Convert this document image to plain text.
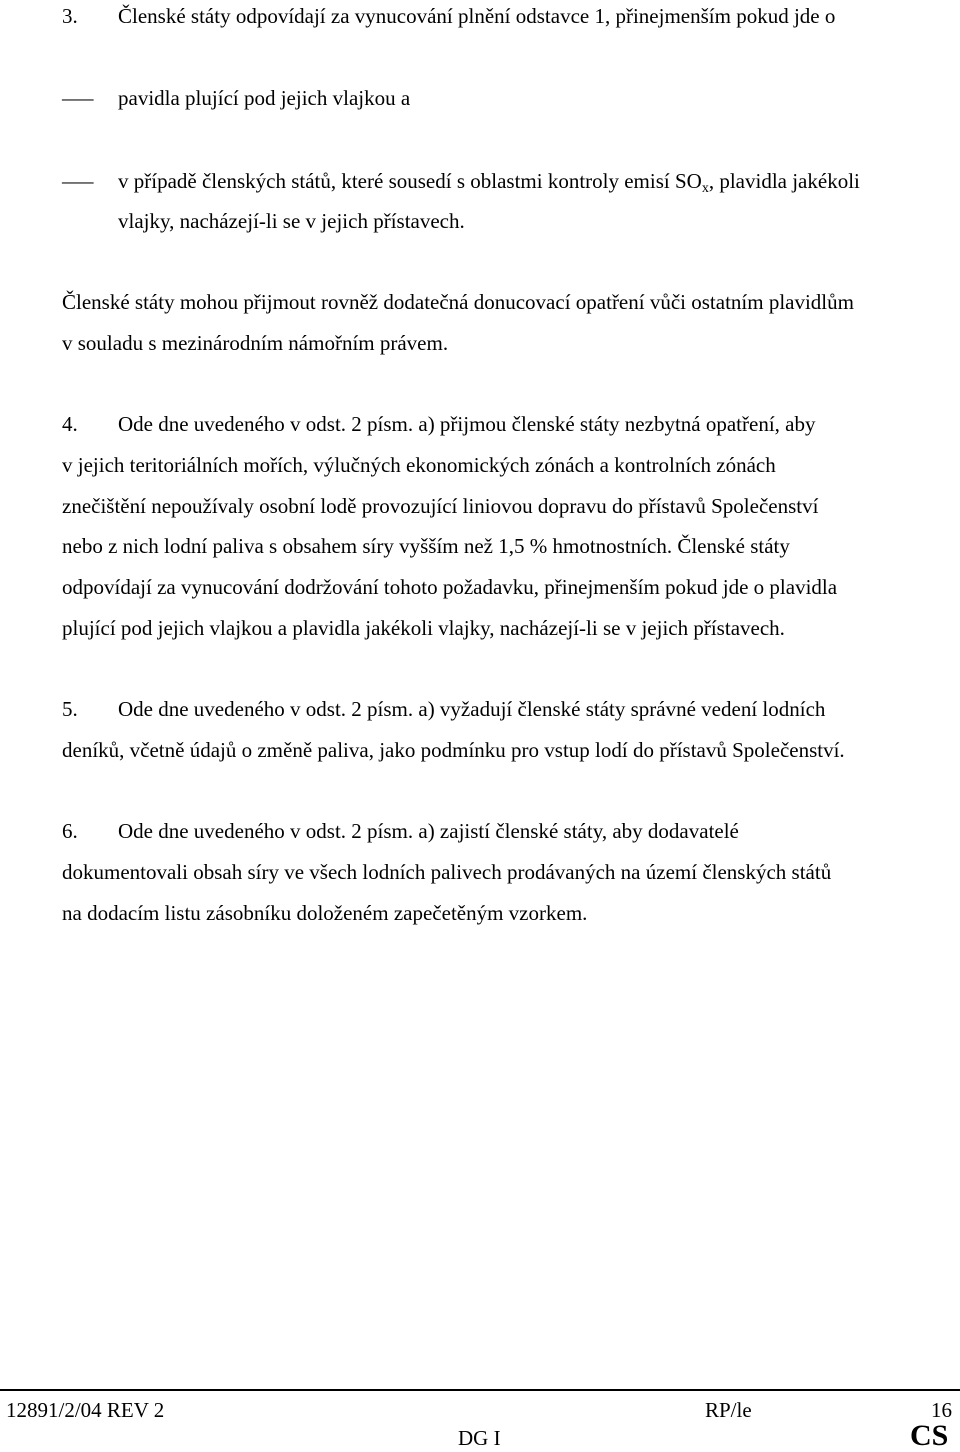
3. Členské státy odpovídají za vynucování plnění odstavce 1, přinejmenším pokud jde o
––– pavidla plující pod jejich vlajkou a
––– v případě členských států, které sousedí s oblastmi kontroly emisí $SO_x$, plavidla jakékoli
vlajky, nacházejí-li se v jejich přístavech.
Členské státy mohou přijmout rovněž dodatečná donucovací opatření vůči ostatním plavidlům
v souladu s mezinárodním námořním právem.
4. Ode dne uvedeného v odst. 2 písm. a) přijmou členské státy nezbytná opatření, aby
v jejich teritoriálních mořích, výlučných ekonomických zónách a kontrolních zónách
znečištění nepoužívaly osobní lodě provozující liniovou dopravu do přístavů Společenství
nebo z nich lodní paliva s obsahem síry vyšším než 1,5 % hmotnostních. Členské státy
odpovídají za vynucování dodržování tohoto požadavku, přinejmenším pokud jde o plavidla
plující pod jejich vlajkou a plavidla jakékoli vlajky, nacházejí-li se v jejich přístavech.
5. Ode dne uvedeného v odst. 2 písm. a) vyžadují členské státy správné vedení lodních
deníků, včetně údajů o změně paliva, jako podmínku pro vstup lodí do přístavů Společenství.
6. Ode dne uvedeného v odst. 2 písm. a) zajistí členské státy, aby dodavatelé
dokumentovali obsah síry ve všech lodních palivech prodávaných na území členských států
na dodacím listu zásobníku doloženém zapečetěným vzorkem.
12891/2/04 REV 2	RP/le	16
DG I	CS
